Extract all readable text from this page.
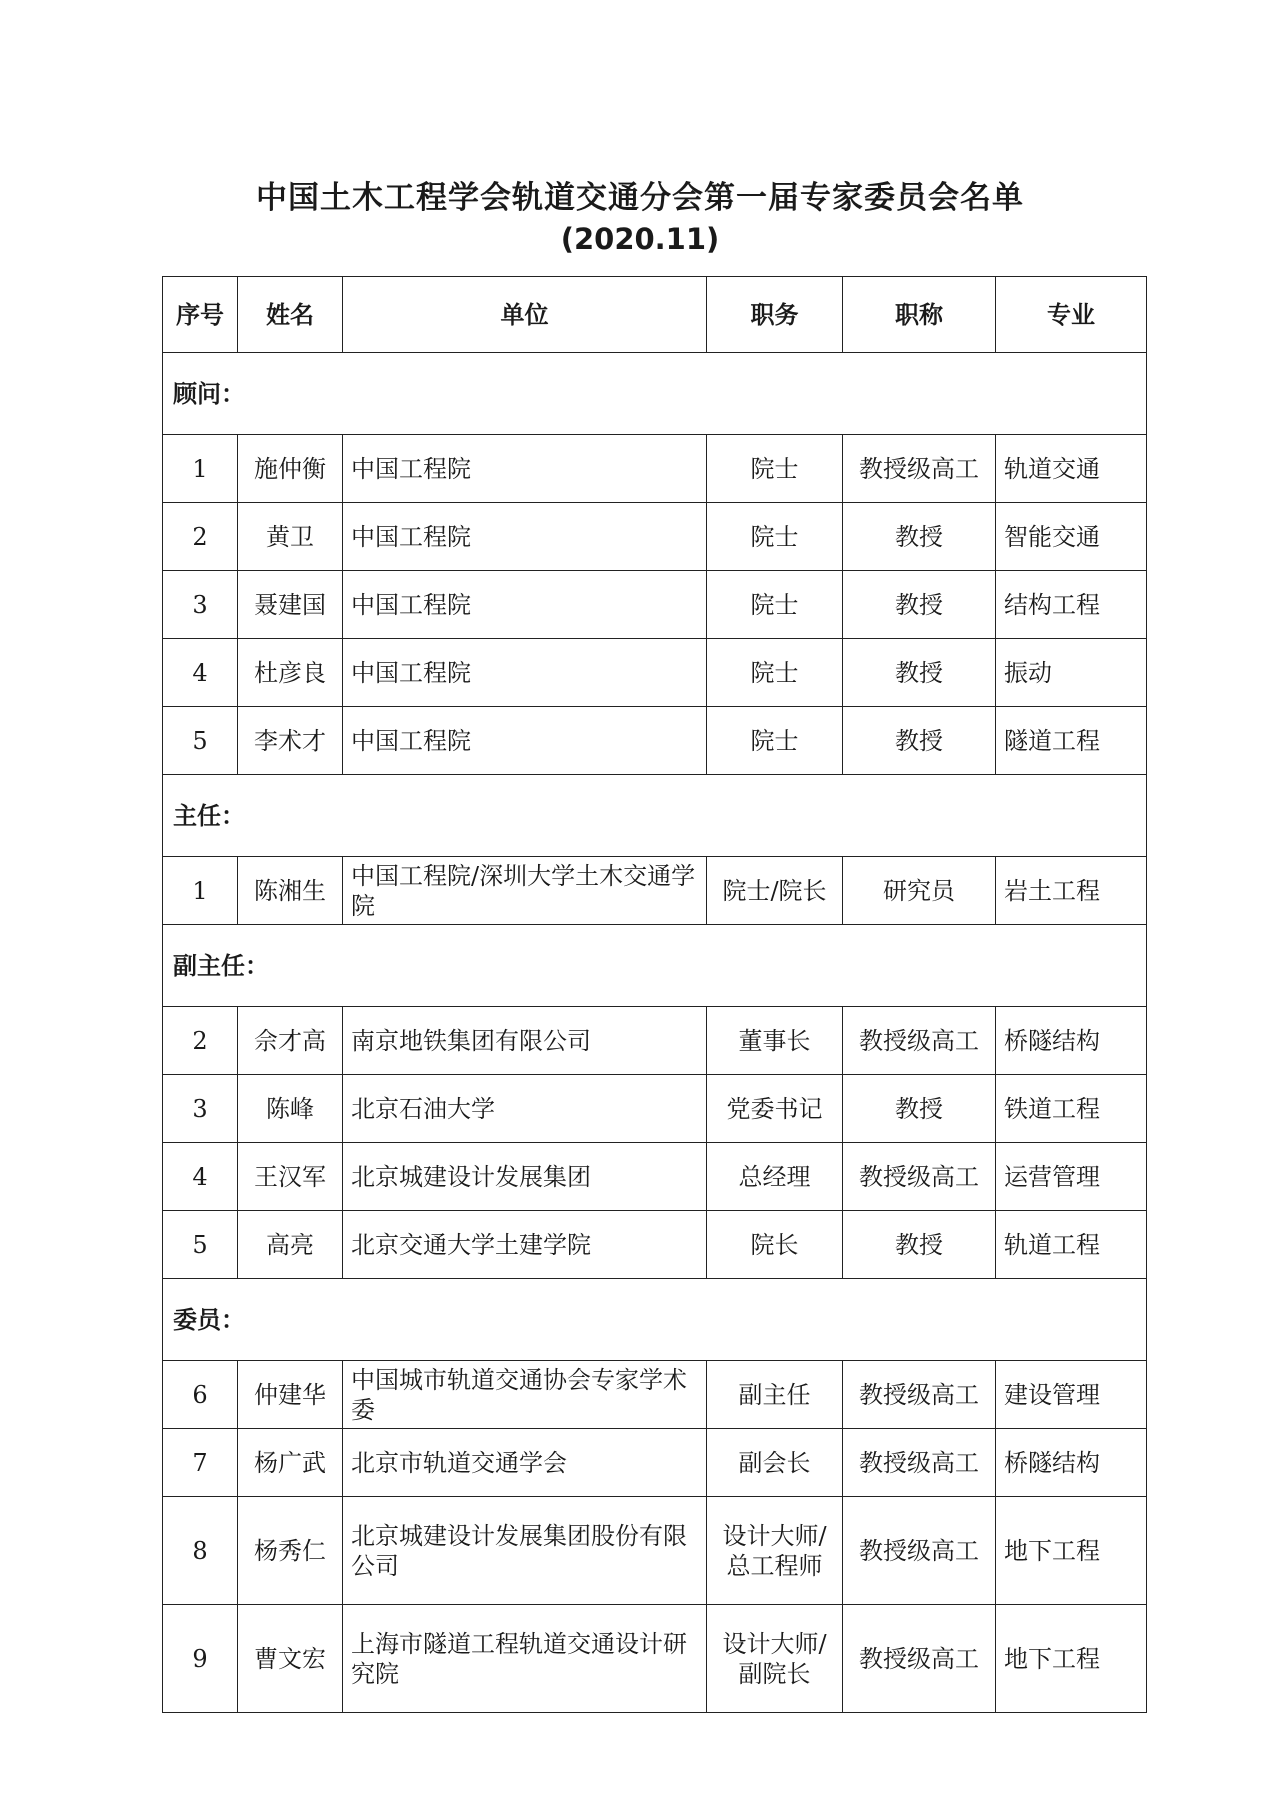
中国土木工程学会轨道交通分会第一届专家委员会名单
(2020.11)
序号	姓名	单位	职务	职称	专业
顾问：					
1	施仲衡	中国工程院	院士	教授级高工	轨道交通
2	黄卫	中国工程院	院士	教授	智能交通
3	聂建国	中国工程院	院士	教授	结构工程
4	杜彦良	中国工程院	院士	教授	振动
5	李术才	中国工程院	院士	教授	隧道工程
主任：					
1	陈湘生	中国工程院/深圳大学土木交通学院	院士/院长	研究员	岩土工程
副主任：					
2	佘才高	南京地铁集团有限公司	董事长	教授级高工	桥隧结构
3	陈峰	北京石油大学	党委书记	教授	铁道工程
4	王汉军	北京城建设计发展集团	总经理	教授级高工	运营管理
5	高亮	北京交通大学土建学院	院长	教授	轨道工程
委员：					
6	仲建华	中国城市轨道交通协会专家学术委	副主任	教授级高工	建设管理
7	杨广武	北京市轨道交通学会	副会长	教授级高工	桥隧结构
8	杨秀仁	北京城建设计发展集团股份有限公司	设计大师/总工程师	教授级高工	地下工程
9	曹文宏	上海市隧道工程轨道交通设计研究院	设计大师/副院长	教授级高工	地下工程
